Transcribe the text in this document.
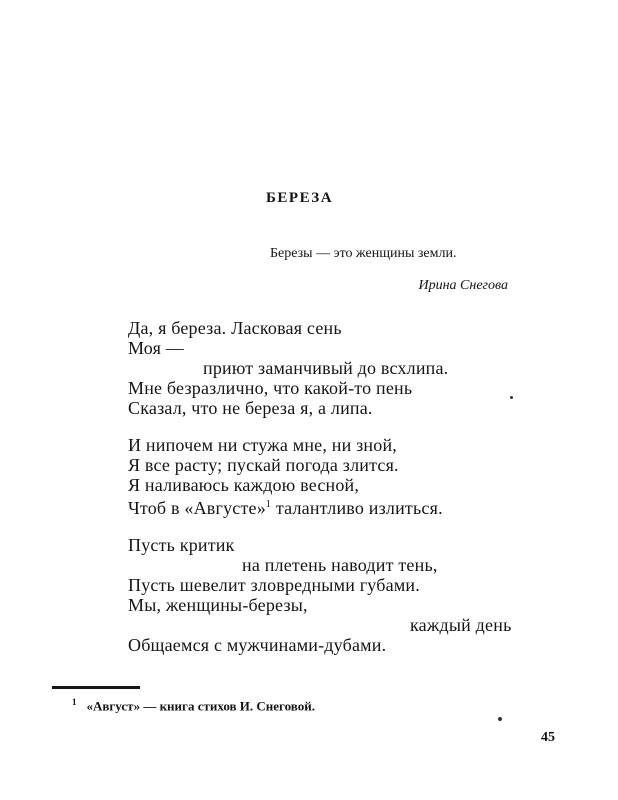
БЕРЕЗА
Березы — это женщины земли.
Ирина Снегова
Да, я береза. Ласковая сень
Моя —
приют заманчивый до всхлипа.
Мне безразлично, что какой-то пень
Сказал, что не береза я, а липа.
И нипочем ни стужа мне, ни зной,
Я все расту; пускай погода злится.
Я наливаюсь каждою весной,
Чтоб в «Августе»$^1$ талантливо излиться.
Пусть критик
на плетень наводит тень,
Пусть шевелит зловредными губами.
Мы, женщины-березы,
каждый день
Общаемся с мужчинами-дубами.
$^1$ «Август» — книга стихов И. Снеговой.
45
